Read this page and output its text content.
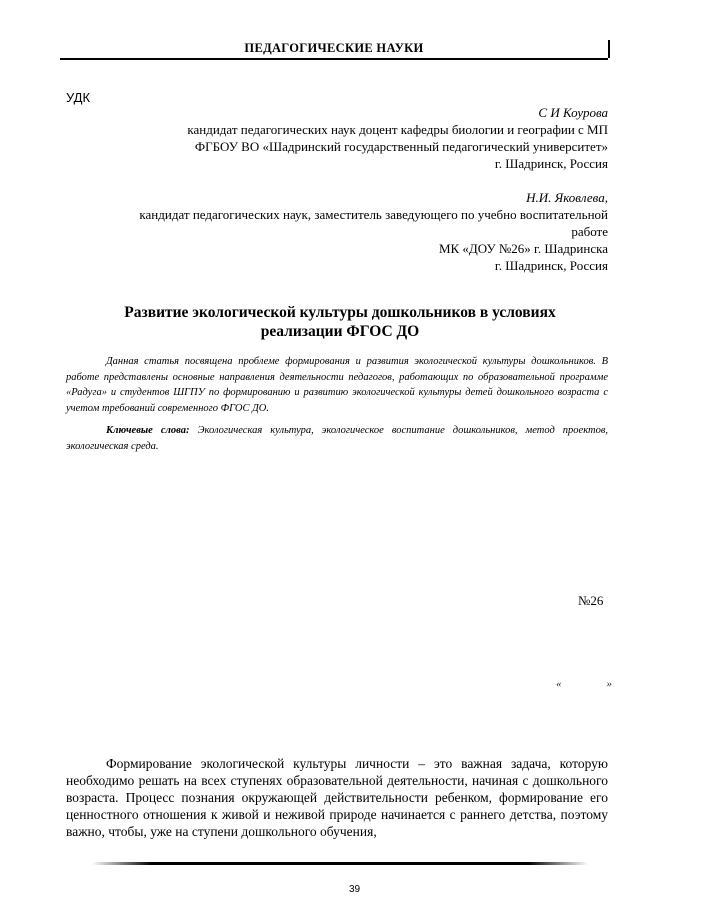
ПЕДАГОГИЧЕСКИЕ НАУКИ
УДК
С И Коурова
кандидат педагогических наук доцент кафедры биологии и географии с МП
ФГБОУ ВО «Шадринский государственный педагогический университет»
г. Шадринск, Россия
Н.И. Яковлева,
кандидат педагогических наук, заместитель заведующего по учебно воспитательной
работе
МК «ДОУ №26» г. Шадринска
г. Шадринск, Россия
Развитие экологической культуры дошкольников в условиях
реализации ФГОС ДО

Данная статья посвящена проблеме формирования и развития экологической культуры дошкольников. В работе представлены основные направления деятельности педагогов, работающих по образовательной программе «Радуга» и студентов ШГПУ по формированию и развитию экологической культуры детей дошкольного возраста с учетом требований современного ФГОС ДО.

Ключевые слова: Экологическая культура, экологическое воспитание дошкольников, метод проектов, экологическая среда.

№26
«	»

Формирование экологической культуры личности – это важная задача, которую необходимо решать на всех ступенях образовательной деятельности, начиная с дошкольного возраста. Процесс познания окружающей действительности ребенком, формирование его ценностного отношения к живой и неживой природе начинается с раннего детства, поэтому важно, чтобы, уже на ступени дошкольного обучения,

39
